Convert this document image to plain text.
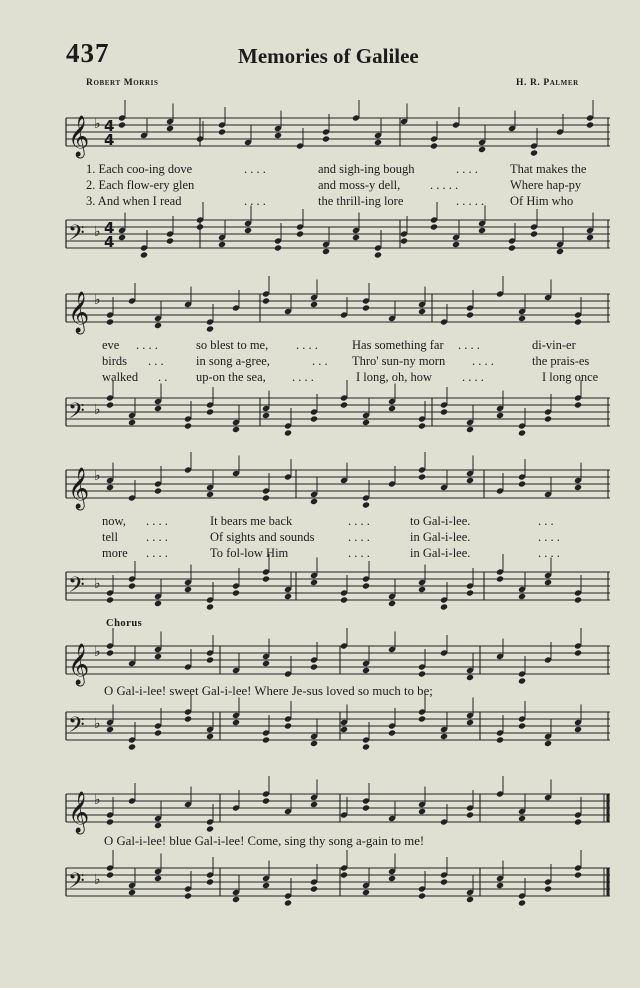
437	Memories of Galilee
Robert Morris	H. R. Palmer
𝄞 ♭ 4
4
1. Each coo-ing dove	. . . .	and sigh-ing bough	. . . .	That makes the
2. Each flow-ery glen	and moss-y dell, . . . . .	Where hap-py
3. And when I read	. . . .	the thrill-ing lore	. . . . . Of Him who
𝄢 ♭ 4
4
𝄞 ♭
eve . . . .	so blest to me, . . . .	Has something far . . . .	di-vin-er
birds . . .	in song a-gree,	. . . Thro' sun-ny morn . . . .	the prais-es
walked . . up-on the sea, . . . .	I long, oh, how . . . .	I long once
𝄢 ♭
𝄞 ♭
now, . . . .	It bears me back	. . . .	to Gal-i-lee.	. . .
tell . . . .	Of sights and sounds	. . . .	in Gal-i-lee.	. . . .
more . . . .	To fol-low Him	. . . .	in Gal-i-lee.	. . . .
𝄢 ♭
Chorus
𝄞 ♭
O Gal-i-lee! sweet Gal-i-lee! Where Je-sus loved so much to be;
𝄢 ♭
𝄞 ♭
O Gal-i-lee! blue Gal-i-lee! Come, sing thy song a-gain to me!
𝄢 ♭
